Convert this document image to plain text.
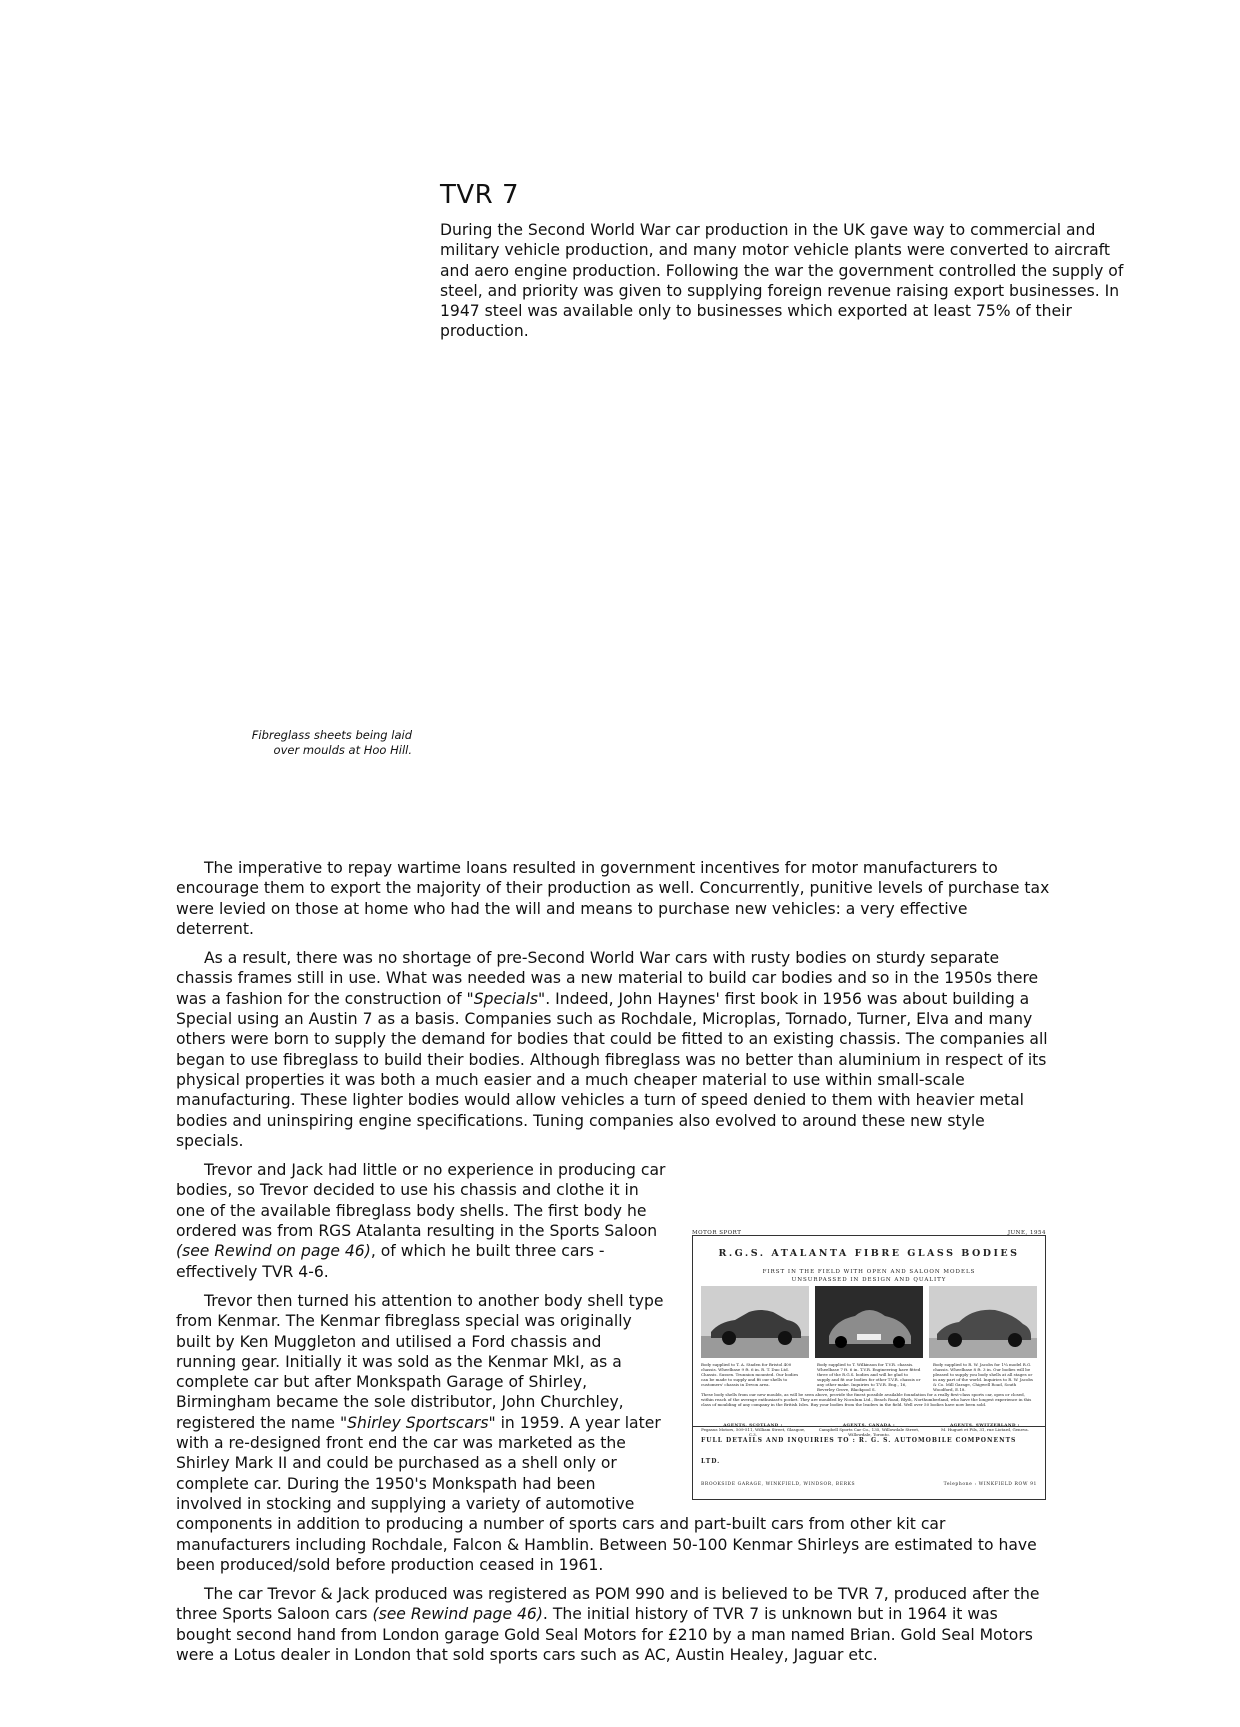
TVR 7

During the Second World War car production in the UK gave way to commercial and military vehicle production, and many motor vehicle plants were converted to aircraft and aero engine production. Following the war the government controlled the supply of steel, and priority was given to supplying foreign revenue raising export businesses. In 1947 steel was available only to businesses which exported at least 75% of their production.

Fibreglass sheets being laid
over moulds at Hoo Hill.

The imperative to repay wartime loans resulted in government incentives for motor manufacturers to encourage them to export the majority of their production as well. Concurrently, punitive levels of purchase tax were levied on those at home who had the will and means to purchase new vehicles: a very effective deterrent.

As a result, there was no shortage of pre-Second World War cars with rusty bodies on sturdy separate chassis frames still in use. What was needed was a new material to build car bodies and so in the 1950s there was a fashion for the construction of "Specials". Indeed, John Haynes' first book in 1956 was about building a Special using an Austin 7 as a basis. Companies such as Rochdale, Microplas, Tornado, Turner, Elva and many others were born to supply the demand for bodies that could be fitted to an existing chassis. The companies all began to use fibreglass to build their bodies. Although fibreglass was no better than aluminium in respect of its physical properties it was both a much easier and a much cheaper material to use within small-scale manufacturing. These lighter bodies would allow vehicles a turn of speed denied to them with heavier metal bodies and uninspiring engine specifications. Tuning companies also evolved to around these new style specials.

MOTOR SPORT	JUNE, 1954
R.G.S. ATALANTA FIBRE GLASS BODIES
FIRST IN THE FIELD WITH OPEN AND SALOON MODELS
UNSURPASSED IN DESIGN AND QUALITY
Body supplied to T. A. Staden for Bristol 400 chassis. Wheelbase 9 ft. 6 in. R. T. Duo Ltd. Chassis. Sussex. Trunnion mounted. Our bodies can be made to supply and fit our shells to customers' chassis in Devon area.
Body supplied to T. Wilkinson for T.V.R. chassis. Wheelbase 7 ft. 6 in. T.V.R. Engineering have fitted three of the R.G.S. bodies and will be glad to supply and fit our bodies for other T.V.R. chassis or any other make. Inquiries to T.V.R. Eng., 16, Beverley Grove, Blackpool S.
Body supplied to R. W. Jacobs for 1¼ model R.G. chassis. Wheelbase 8 ft. 3 in. Our bodies will be pleased to supply you body shells at all stages or in any part of the world. Inquiries to R. W. Jacobs & Co. Mill Garage, Chigwell Road, South Woodford, E.18.
These body shells from our new moulds, as will be seen above, provide the finest possible available foundation for a really first-class sports car, open or closed, within reach of the average enthusiast's pocket. They are moulded by Noculum Ltd., Beach Road, Blyth, Northumberland, who have the longest experience in this class of moulding of any company in the British Isles. Buy your bodies from the leaders in the field. Well over 50 bodies have now been sold.
AGENTS, SCOTLAND :
Pegasus Motors, 509-511, William Street, Glasgow, C.3.
AGENTS, CANADA :
Campbell Sports Car Co., 135, Willowdale Street, Willowdale, Toronto.
AGENTS, SWITZERLAND :
M. Huguet et Fils, 31, rue Liotard, Geneva.
FULL DETAILS AND INQUIRIES TO : R. G. S. AUTOMOBILE COMPONENTS LTD.
BROOKSIDE GARAGE, WINKFIELD, WINDSOR, BERKS	Telephone : WINKFIELD ROW 91

Trevor and Jack had little or no experience in producing car bodies, so Trevor decided to use his chassis and clothe it in one of the available fibreglass body shells. The first body he ordered was from RGS Atalanta resulting in the Sports Saloon (see Rewind on page 46), of which he built three cars - effectively TVR 4-6.

Trevor then turned his attention to another body shell type from Kenmar. The Kenmar fibreglass special was originally built by Ken Muggleton and utilised a Ford chassis and running gear. Initially it was sold as the Kenmar MkI, as a complete car but after Monkspath Garage of Shirley, Birmingham became the sole distributor, John Churchley, registered the name "Shirley Sportscars" in 1959. A year later with a re-designed front end the car was marketed as the Shirley Mark II and could be purchased as a shell only or complete car. During the 1950's Monkspath had been involved in stocking and supplying a variety of automotive components in addition to producing a number of sports cars and part-built cars from other kit car manufacturers including Rochdale, Falcon & Hamblin. Between 50-100 Kenmar Shirleys are estimated to have been produced/sold before production ceased in 1961.

The car Trevor & Jack produced was registered as POM 990 and is believed to be TVR 7, produced after the three Sports Saloon cars (see Rewind page 46). The initial history of TVR 7 is unknown but in 1964 it was bought second hand from London garage Gold Seal Motors for £210 by a man named Brian. Gold Seal Motors were a Lotus dealer in London that sold sports cars such as AC, Austin Healey, Jaguar etc.
